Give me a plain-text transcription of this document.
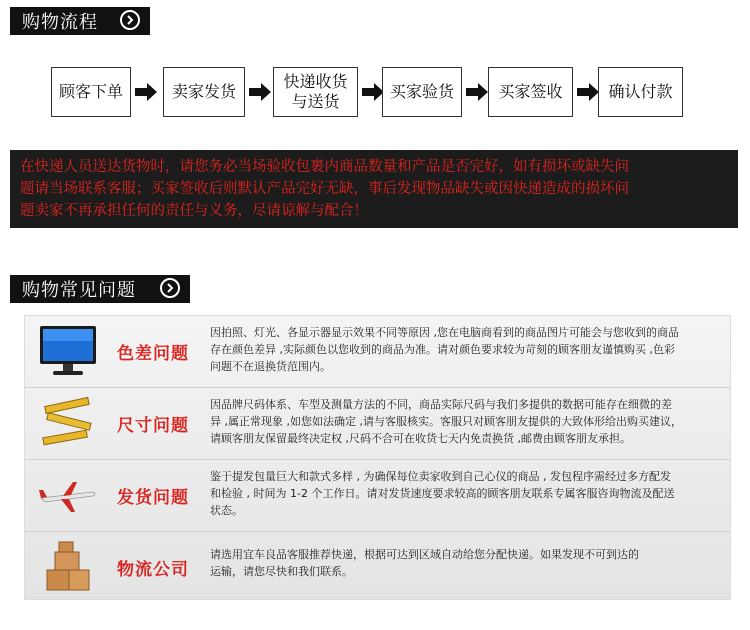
购物流程
顾客下单	卖家发货
快递收货
与送货
买家验货	买家签收	确认付款
在快递人员送达货物时，请您务必当场验收包裹内商品数量和产品是否完好，如有损坏或缺失问
题请当场联系客服；买家签收后则默认产品完好无缺，事后发现物品缺失或因快递造成的损坏问
题卖家不再承担任何的责任与义务，尽请谅解与配合！
购物常见问题
色差问题
因拍照、灯光、各显示器显示效果不同等原因 ,您在电脑商看到的商品图片可能会与您收到的商品
存在颜色差异 ,实际颜色以您收到的商品为准。请对颜色要求较为苛刻的顾客朋友谨慎购买 ,色彩
问题不在退换货范围内。
尺寸问题
因品牌尺码体系、车型及测量方法的不同，商品实际尺码与我们多提供的数据可能存在细微的差
异 ,属正常现象 ,如您如法确定 ,请与客服核实。客服只对顾客朋友提供的大致体形给出购买建议，
请顾客朋友保留最终决定权 ,尺码不合可在收货七天内免责换货 ,邮费由顾客朋友承担。
发货问题
鉴于提发包量巨大和款式多样 , 为确保每位卖家收到自己心仪的商品 , 发包程序需经过多方配发
和检验 , 时间为 1-2 个工作日。请对发货速度要求较高的顾客朋友联系专属客服咨询物流及配送
状态。
物流公司
请选用宜车良品客服推荐快递，根据可达到区域自动给您分配快递。如果发现不可到达的
运输，请您尽快和我们联系。
